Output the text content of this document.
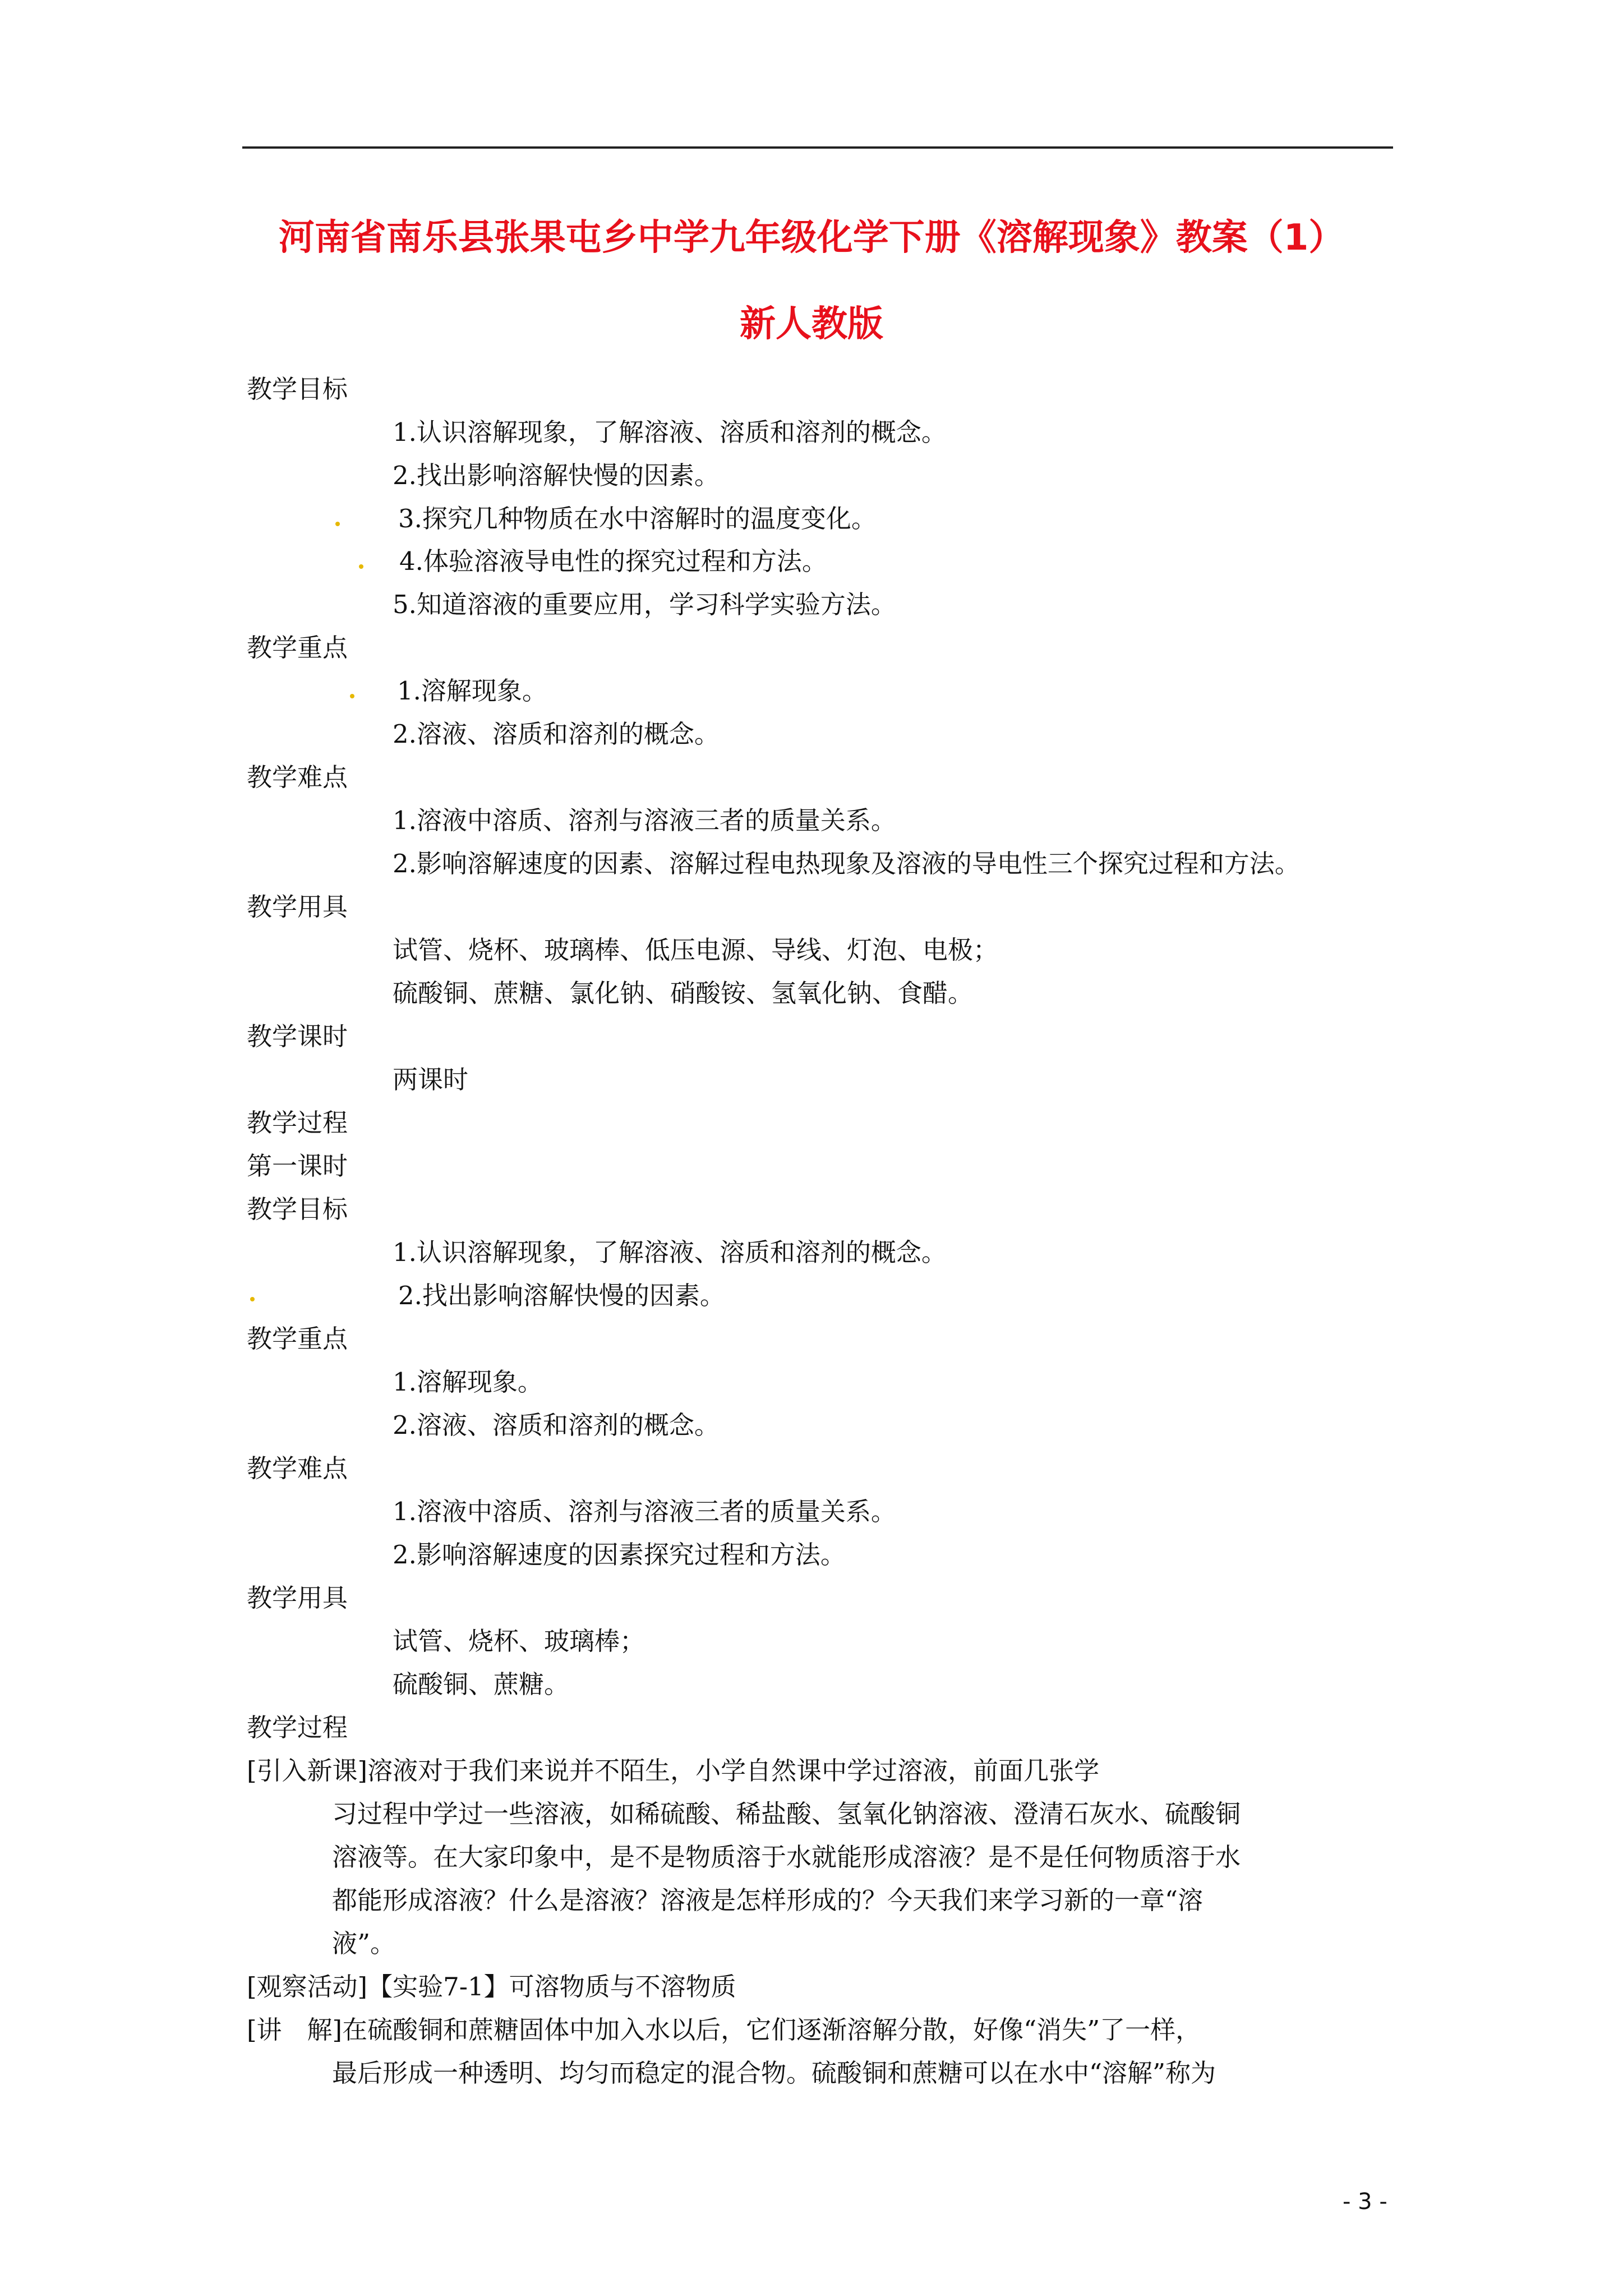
河南省南乐县张果屯乡中学九年级化学下册《溶解现象》教案（1）
新人教版
教学目标
1.认识溶解现象，了解溶液、溶质和溶剂的概念。
2.找出影响溶解快慢的因素。
3.探究几种物质在水中溶解时的温度变化。
4.体验溶液导电性的探究过程和方法。
5.知道溶液的重要应用，学习科学实验方法。
教学重点
1.溶解现象。
2.溶液、溶质和溶剂的概念。
教学难点
1.溶液中溶质、溶剂与溶液三者的质量关系。
2.影响溶解速度的因素、溶解过程电热现象及溶液的导电性三个探究过程和方法。
教学用具
试管、烧杯、玻璃棒、低压电源、导线、灯泡、电极；
硫酸铜、蔗糖、氯化钠、硝酸铵、氢氧化钠、食醋。
教学课时
两课时
教学过程
第一课时
教学目标
1.认识溶解现象，了解溶液、溶质和溶剂的概念。
2.找出影响溶解快慢的因素。
教学重点
1.溶解现象。
2.溶液、溶质和溶剂的概念。
教学难点
1.溶液中溶质、溶剂与溶液三者的质量关系。
2.影响溶解速度的因素探究过程和方法。
教学用具
试管、烧杯、玻璃棒；
硫酸铜、蔗糖。
教学过程
[引入新课]溶液对于我们来说并不陌生，小学自然课中学过溶液，前面几张学
习过程中学过一些溶液，如稀硫酸、稀盐酸、氢氧化钠溶液、澄清石灰水、硫酸铜
溶液等。在大家印象中，是不是物质溶于水就能形成溶液？是不是任何物质溶于水
都能形成溶液？什么是溶液？溶液是怎样形成的？今天我们来学习新的一章“溶
液”。
[观察活动]【实验7-1】可溶物质与不溶物质
[讲　解]在硫酸铜和蔗糖固体中加入水以后，它们逐渐溶解分散，好像“消失”了一样，
最后形成一种透明、均匀而稳定的混合物。硫酸铜和蔗糖可以在水中“溶解”称为
- 3 -
